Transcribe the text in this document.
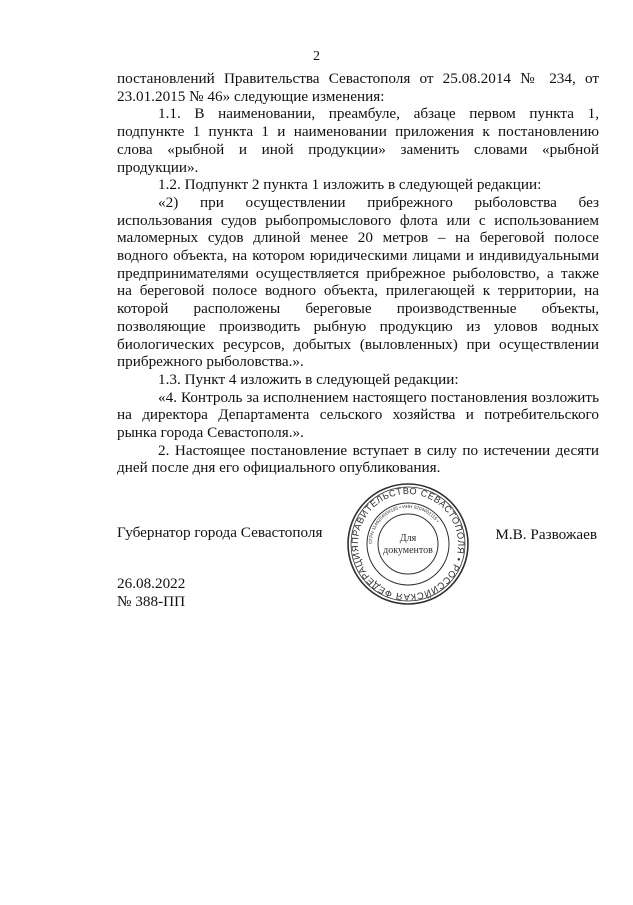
2

постановлений Правительства Севастополя от 25.08.2014 № 234, от 23.01.2015 № 46» следующие изменения:

1.1. В наименовании, преамбуле, абзаце первом пункта 1, подпункте 1 пункта 1 и наименовании приложения к постановлению слова «рыбной и иной продукции» заменить словами «рыбной продукции».

1.2. Подпункт 2 пункта 1 изложить в следующей редакции:

«2) при осуществлении прибрежного рыболовства без использования судов рыбопромыслового флота или с использованием маломерных судов длиной менее 20 метров – на береговой полосе водного объекта, на котором юридическими лицами и индивидуальными предпринимателями осуществляется прибрежное рыболовство, а также на береговой полосе водного объекта, прилегающей к территории, на которой расположены береговые производственные объекты, позволяющие производить рыбную продукцию из уловов водных биологических ресурсов, добытых (выловленных) при осуществлении прибрежного рыболовства.».

1.3. Пункт 4 изложить в следующей редакции:

«4. Контроль за исполнением настоящего постановления возложить на директора Департамента сельского хозяйства и потребительского рынка города Севастополя.».

2. Настоящее постановление вступает в силу по истечении десяти дней после дня его официального опубликования.

Губернатор города Севастополя	М.В. Развожаев
ПРАВИТЕЛЬСТВО СЕВАСТОПОЛЯ • РОССИЙСКАЯ ФЕДЕРАЦИЯ
ОГРН 1149204004195 • ИНН 9204002115 •
Для
документов
26.08.2022
№ 388-ПП
